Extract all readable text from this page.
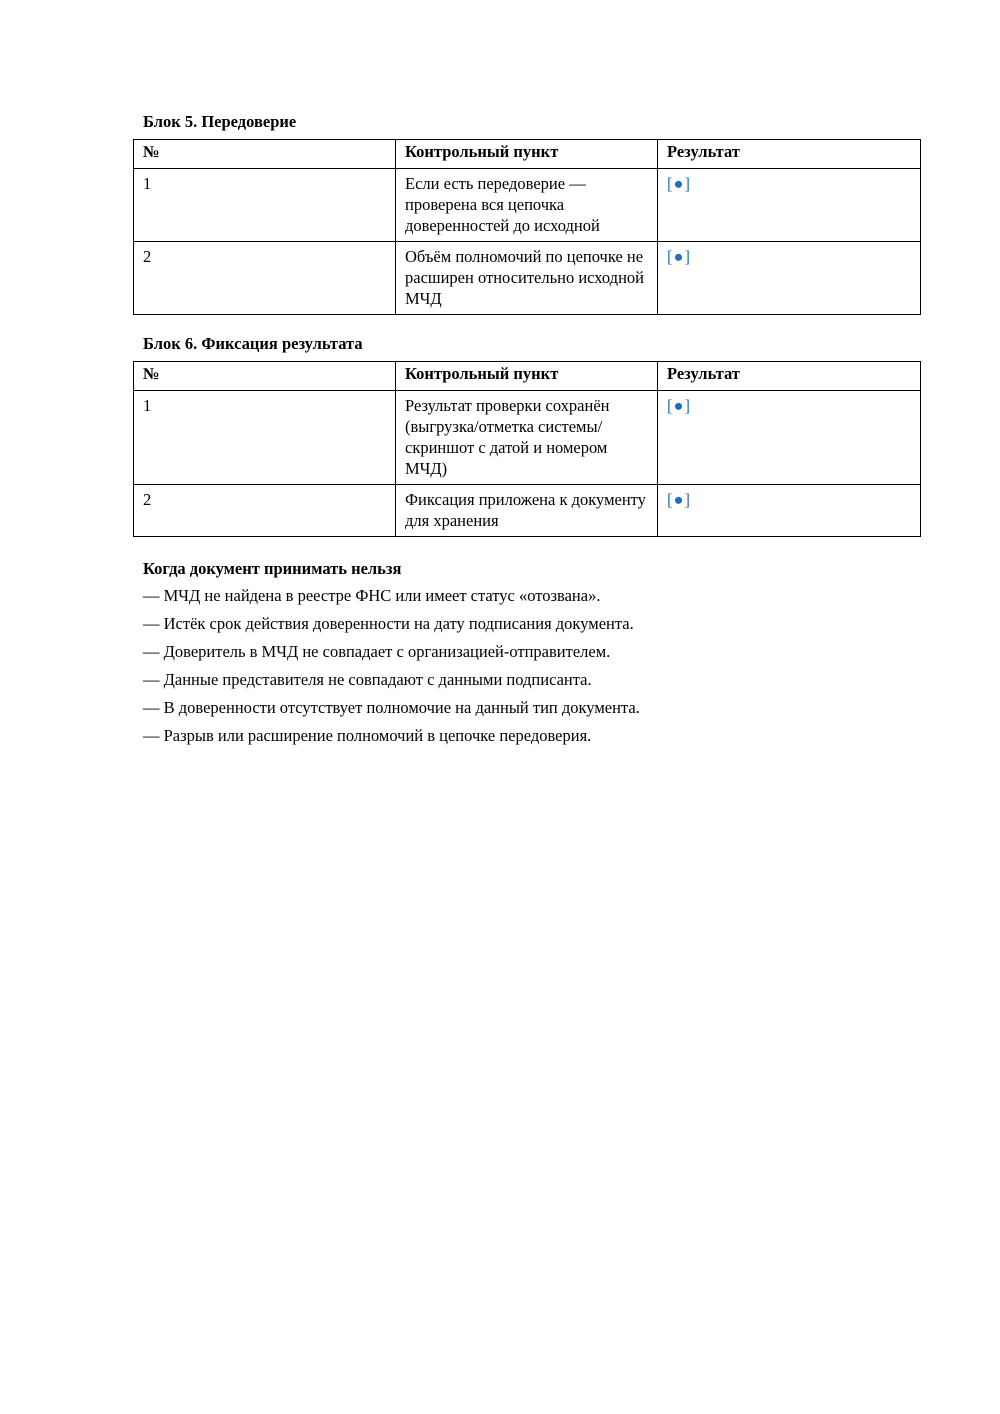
Блок 5. Передоверие
№	Контрольный пункт	Результат
1	Если есть передоверие — проверена вся цепочка доверенностей до исходной	[●]
2	Объём полномочий по цепочке не расширен относительно исходной МЧД	[●]
Блок 6. Фиксация результата
№	Контрольный пункт	Результат
1	Результат проверки сохранён (выгрузка/отметка системы/скриншот с датой и номером МЧД)	[●]
2	Фиксация приложена к документу для хранения	[●]
Когда документ принимать нельзя
— МЧД не найдена в реестре ФНС или имеет статус «отозвана».
— Истёк срок действия доверенности на дату подписания документа.
— Доверитель в МЧД не совпадает с организацией-отправителем.
— Данные представителя не совпадают с данными подписанта.
— В доверенности отсутствует полномочие на данный тип документа.
— Разрыв или расширение полномочий в цепочке передоверия.
